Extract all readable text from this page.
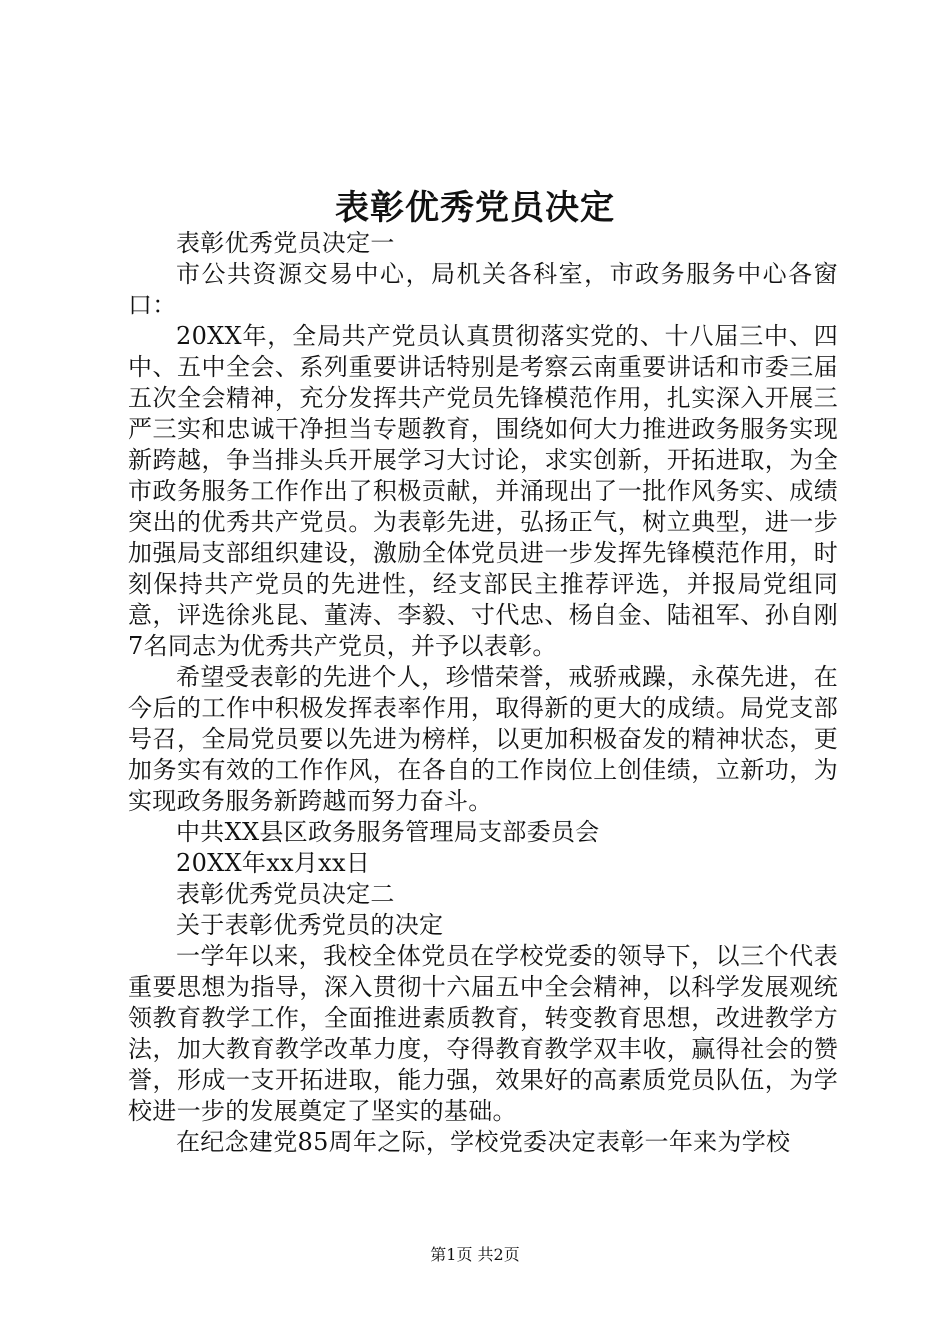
表彰优秀党员决定

表彰优秀党员决定一

市公共资源交易中心，局机关各科室，市政务服务中心各窗口：

20XX年，全局共产党员认真贯彻落实党的、十八届三中、四中、五中全会、系列重要讲话特别是考察云南重要讲话和市委三届五次全会精神，充分发挥共产党员先锋模范作用，扎实深入开展三严三实和忠诚干净担当专题教育，围绕如何大力推进政务服务实现新跨越，争当排头兵开展学习大讨论，求实创新，开拓进取，为全市政务服务工作作出了积极贡献，并涌现出了一批作风务实、成绩突出的优秀共产党员。为表彰先进，弘扬正气，树立典型，进一步加强局支部组织建设，激励全体党员进一步发挥先锋模范作用，时刻保持共产党员的先进性，经支部民主推荐评选，并报局党组同意，评选徐兆昆、董涛、李毅、寸代忠、杨自金、陆祖军、孙自刚7名同志为优秀共产党员，并予以表彰。

希望受表彰的先进个人，珍惜荣誉，戒骄戒躁，永葆先进，在今后的工作中积极发挥表率作用，取得新的更大的成绩。局党支部号召，全局党员要以先进为榜样，以更加积极奋发的精神状态，更加务实有效的工作作风，在各自的工作岗位上创佳绩，立新功，为实现政务服务新跨越而努力奋斗。

中共XX县区政务服务管理局支部委员会

20XX年xx月xx日

表彰优秀党员决定二

关于表彰优秀党员的决定

一学年以来，我校全体党员在学校党委的领导下，以三个代表重要思想为指导，深入贯彻十六届五中全会精神，以科学发展观统领教育教学工作，全面推进素质教育，转变教育思想，改进教学方法，加大教育教学改革力度，夺得教育教学双丰收，赢得社会的赞誉，形成一支开拓进取，能力强，效果好的高素质党员队伍，为学校进一步的发展奠定了坚实的基础。

在纪念建党85周年之际，学校党委决定表彰一年来为学校

第1页 共2页
